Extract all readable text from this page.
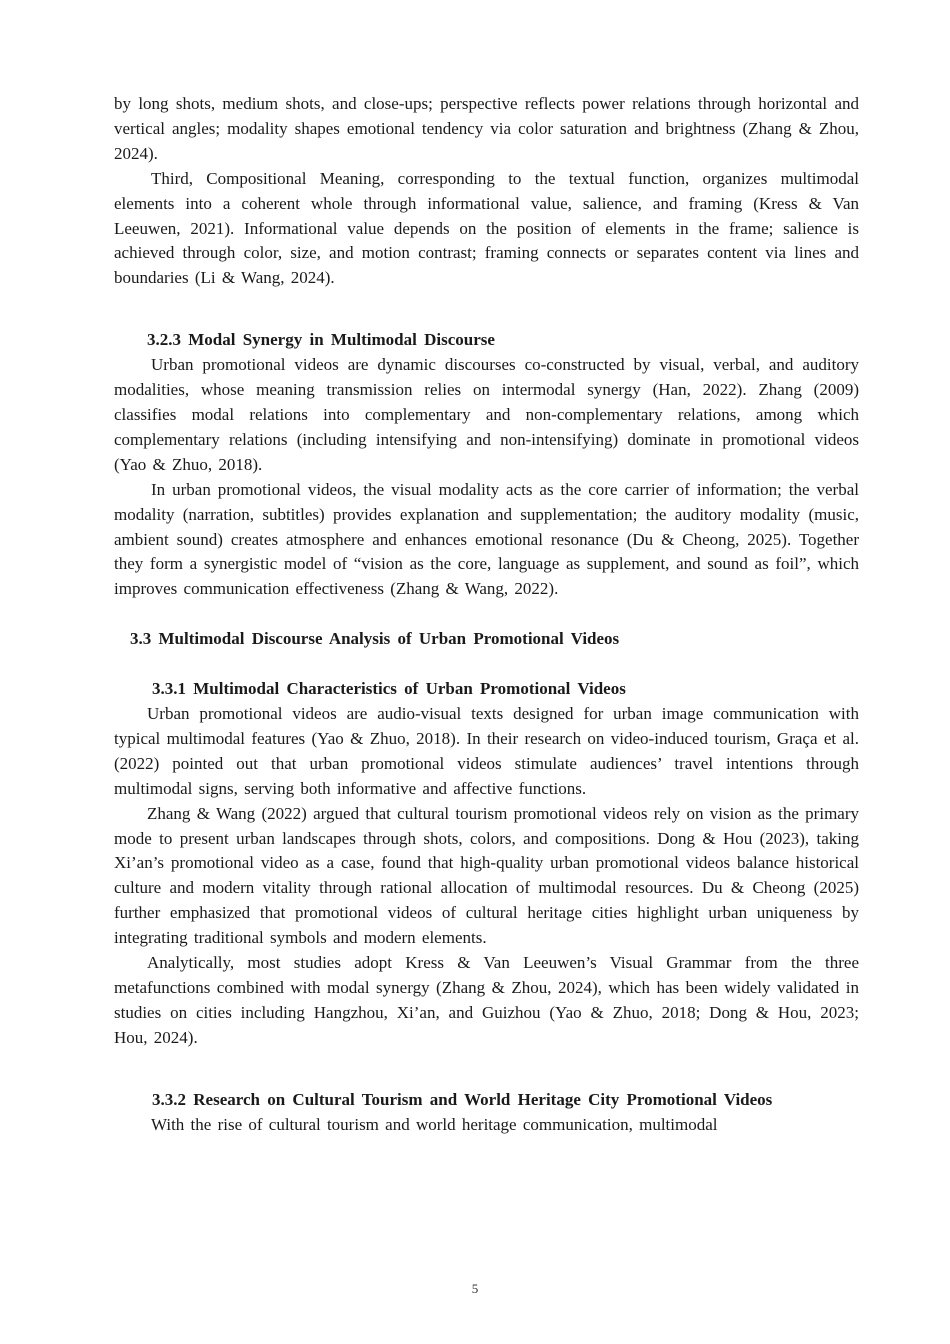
by long shots, medium shots, and close-ups; perspective reflects power relations through horizontal and vertical angles; modality shapes emotional tendency via color saturation and brightness (Zhang & Zhou, 2024).

Third, Compositional Meaning, corresponding to the textual function, organizes multimodal elements into a coherent whole through informational value, salience, and framing (Kress & Van Leeuwen, 2021). Informational value depends on the position of elements in the frame; salience is achieved through color, size, and motion contrast; framing connects or separates content via lines and boundaries (Li & Wang, 2024).

3.2.3 Modal Synergy in Multimodal Discourse

Urban promotional videos are dynamic discourses co-constructed by visual, verbal, and auditory modalities, whose meaning transmission relies on intermodal synergy (Han, 2022). Zhang (2009) classifies modal relations into complementary and non-complementary relations, among which complementary relations (including intensifying and non-intensifying) dominate in promotional videos (Yao & Zhuo, 2018).

In urban promotional videos, the visual modality acts as the core carrier of information; the verbal modality (narration, subtitles) provides explanation and supplementation; the auditory modality (music, ambient sound) creates atmosphere and enhances emotional resonance (Du & Cheong, 2025). Together they form a synergistic model of “vision as the core, language as supplement, and sound as foil”, which improves communication effectiveness (Zhang & Wang, 2022).

3.3 Multimodal Discourse Analysis of Urban Promotional Videos
3.3.1 Multimodal Characteristics of Urban Promotional Videos

Urban promotional videos are audio-visual texts designed for urban image communication with typical multimodal features (Yao & Zhuo, 2018). In their research on video-induced tourism, Graça et al. (2022) pointed out that urban promotional videos stimulate audiences’ travel intentions through multimodal signs, serving both informative and affective functions.

Zhang & Wang (2022) argued that cultural tourism promotional videos rely on vision as the primary mode to present urban landscapes through shots, colors, and compositions. Dong & Hou (2023), taking Xi’an’s promotional video as a case, found that high-quality urban promotional videos balance historical culture and modern vitality through rational allocation of multimodal resources. Du & Cheong (2025) further emphasized that promotional videos of cultural heritage cities highlight urban uniqueness by integrating traditional symbols and modern elements.

Analytically, most studies adopt Kress & Van Leeuwen’s Visual Grammar from the three metafunctions combined with modal synergy (Zhang & Zhou, 2024), which has been widely validated in studies on cities including Hangzhou, Xi’an, and Guizhou (Yao & Zhuo, 2018; Dong & Hou, 2023; Hou, 2024).

3.3.2 Research on Cultural Tourism and World Heritage City Promotional Videos

With the rise of cultural tourism and world heritage communication, multimodal

5
